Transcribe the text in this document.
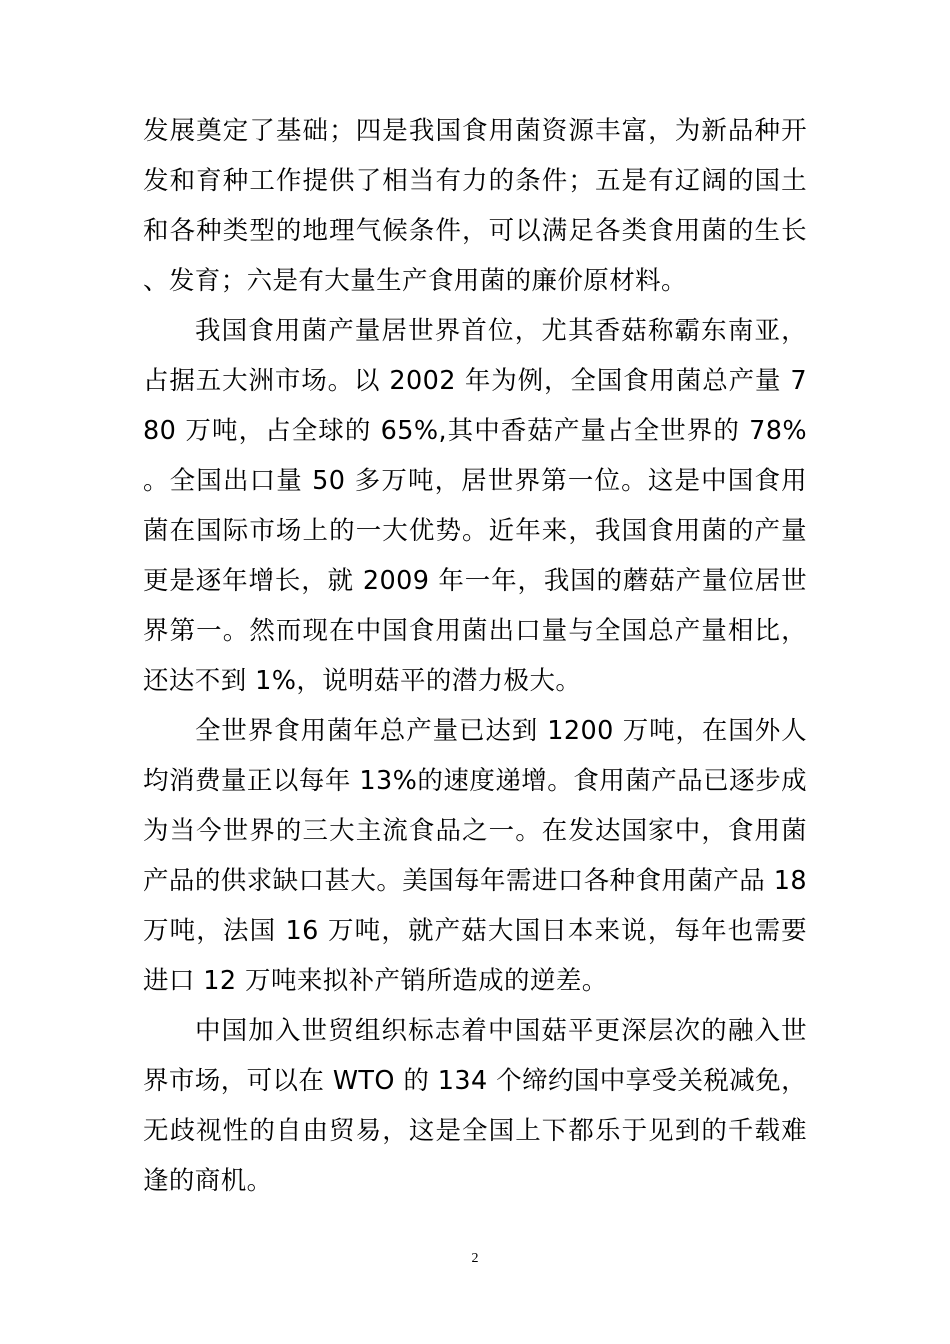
发展奠定了基础；四是我国食用菌资源丰富，为新品种开发和育种工作提供了相当有力的条件；五是有辽阔的国土和各种类型的地理气候条件，可以满足各类食用菌的生长、发育；六是有大量生产食用菌的廉价原材料。

我国食用菌产量居世界首位，尤其香菇称霸东南亚，占据五大洲市场。以 2002 年为例，全国食用菌总产量 780 万吨，占全球的 65%,其中香菇产量占全世界的 78%。全国出口量 50 多万吨，居世界第一位。这是中国食用菌在国际市场上的一大优势。近年来，我国食用菌的产量更是逐年增长，就 2009 年一年，我国的蘑菇产量位居世界第一。然而现在中国食用菌出口量与全国总产量相比，还达不到 1%，说明菇平的潜力极大。

全世界食用菌年总产量已达到 1200 万吨，在国外人均消费量正以每年 13%的速度递增。食用菌产品已逐步成为当今世界的三大主流食品之一。在发达国家中，食用菌产品的供求缺口甚大。美国每年需进口各种食用菌产品 18 万吨，法国 16 万吨，就产菇大国日本来说，每年也需要进口 12 万吨来拟补产销所造成的逆差。

中国加入世贸组织标志着中国菇平更深层次的融入世界市场，可以在 WTO 的 134 个缔约国中享受关税减免，无歧视性的自由贸易，这是全国上下都乐于见到的千载难逢的商机。

2
